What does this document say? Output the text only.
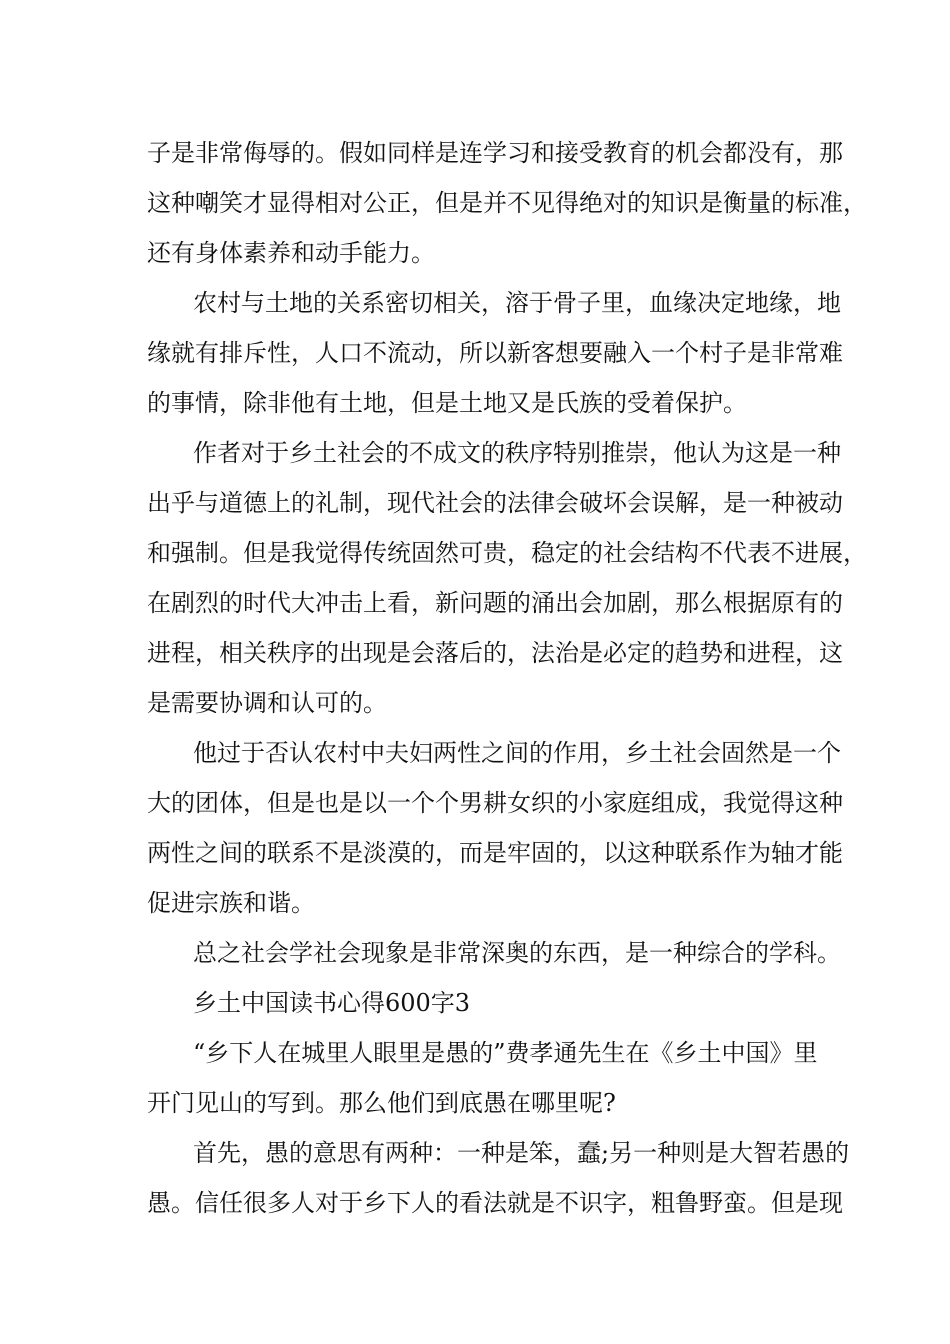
子是非常侮辱的。假如同样是连学习和接受教育的机会都没有，那
这种嘲笑才显得相对公正，但是并不见得绝对的知识是衡量的标准，
还有身体素养和动手能力。
农村与土地的关系密切相关，溶于骨子里，血缘决定地缘，地
缘就有排斥性，人口不流动，所以新客想要融入一个村子是非常难
的事情，除非他有土地，但是土地又是氏族的受着保护。
作者对于乡土社会的不成文的秩序特别推崇，他认为这是一种
出乎与道德上的礼制，现代社会的法律会破坏会误解，是一种被动
和强制。但是我觉得传统固然可贵，稳定的社会结构不代表不进展，
在剧烈的时代大冲击上看，新问题的涌出会加剧，那么根据原有的
进程，相关秩序的出现是会落后的，法治是必定的趋势和进程，这
是需要协调和认可的。
他过于否认农村中夫妇两性之间的作用，乡土社会固然是一个
大的团体，但是也是以一个个男耕女织的小家庭组成，我觉得这种
两性之间的联系不是淡漠的，而是牢固的，以这种联系作为轴才能
促进宗族和谐。
总之社会学社会现象是非常深奥的东西，是一种综合的学科。
乡土中国读书心得600字3
“乡下人在城里人眼里是愚的”费孝通先生在《乡土中国》里
开门见山的写到。那么他们到底愚在哪里呢?
首先，愚的意思有两种：一种是笨，蠢;另一种则是大智若愚的
愚。信任很多人对于乡下人的看法就是不识字，粗鲁野蛮。但是现
